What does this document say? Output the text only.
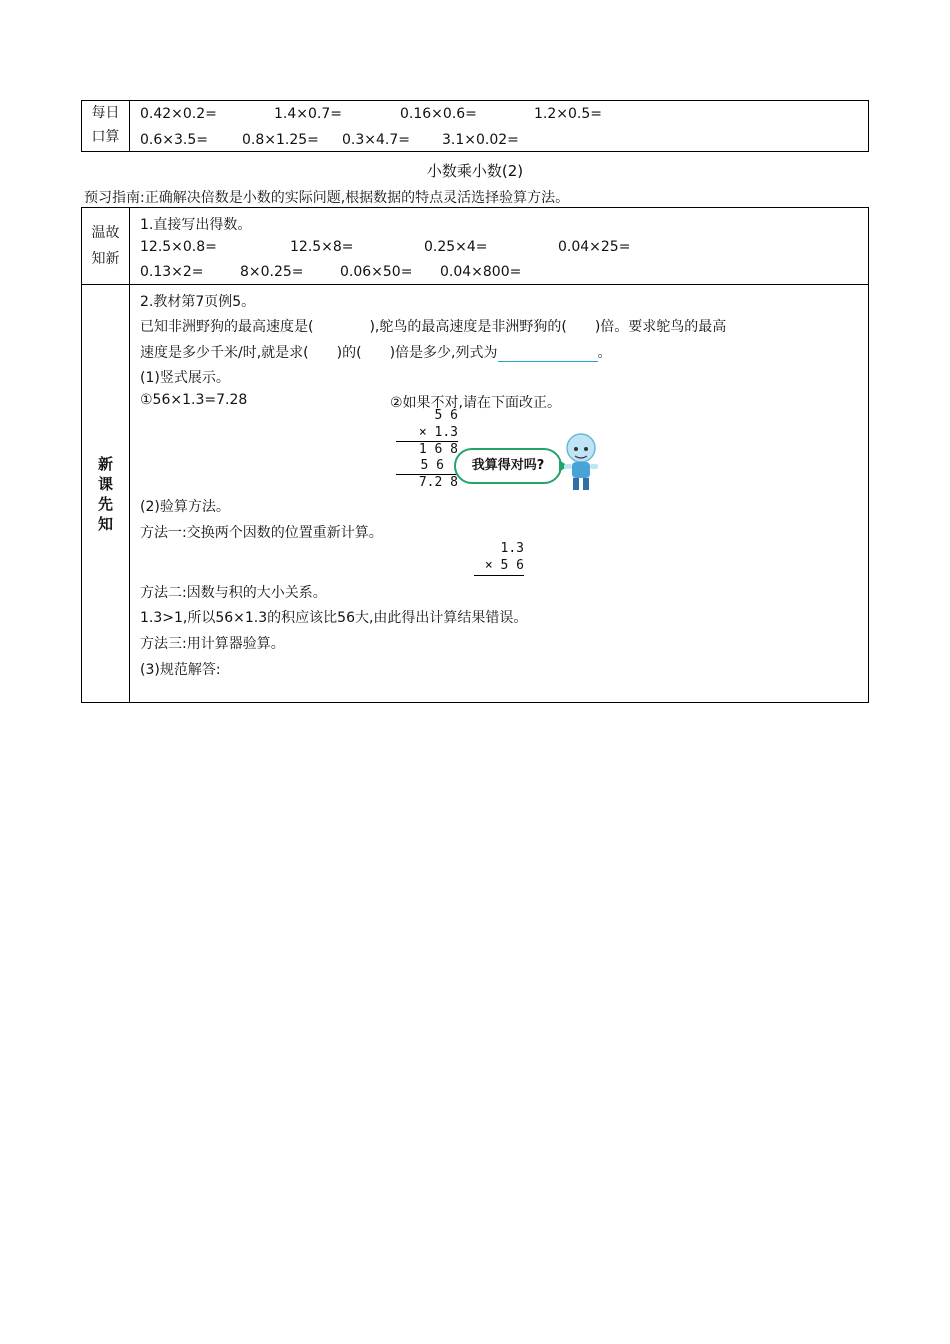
每日
口算

0.42×0.2=	1.4×0.7=	0.16×0.6=	1.2×0.5=
0.6×3.5= 0.8×1.25= 0.3×4.7= 3.1×0.02=
小数乘小数(2)
预习指南:正确解决倍数是小数的实际问题,根据数据的特点灵活选择验算方法。
温故
知新	

新
课
先
知	
1.直接写出得数。
12.5×0.8=	12.5×8=	0.25×4=	0.04×25=
0.13×2=	8×0.25=	0.06×50= 0.04×800=
2.教材第7页例5。
已知非洲野狗的最高速度是(	),鸵鸟的最高速度是非洲野狗的( )倍。要求鸵鸟的最高
速度是多少千米/时,就是求( )的( )倍是多少,列式为	。
(1)竖式展示。
①56×1.3=7.28	②如果不对,请在下面改正。
5 6
× 1.3
1 6 8
5 6
7.2 8
我算得对吗?
(2)验算方法。
方法一:交换两个因数的位置重新计算。
1.3
× 5 6
方法二:因数与积的大小关系。
1.3>1,所以56×1.3的积应该比56大,由此得出计算结果错误。
方法三:用计算器验算。
(3)规范解答:
